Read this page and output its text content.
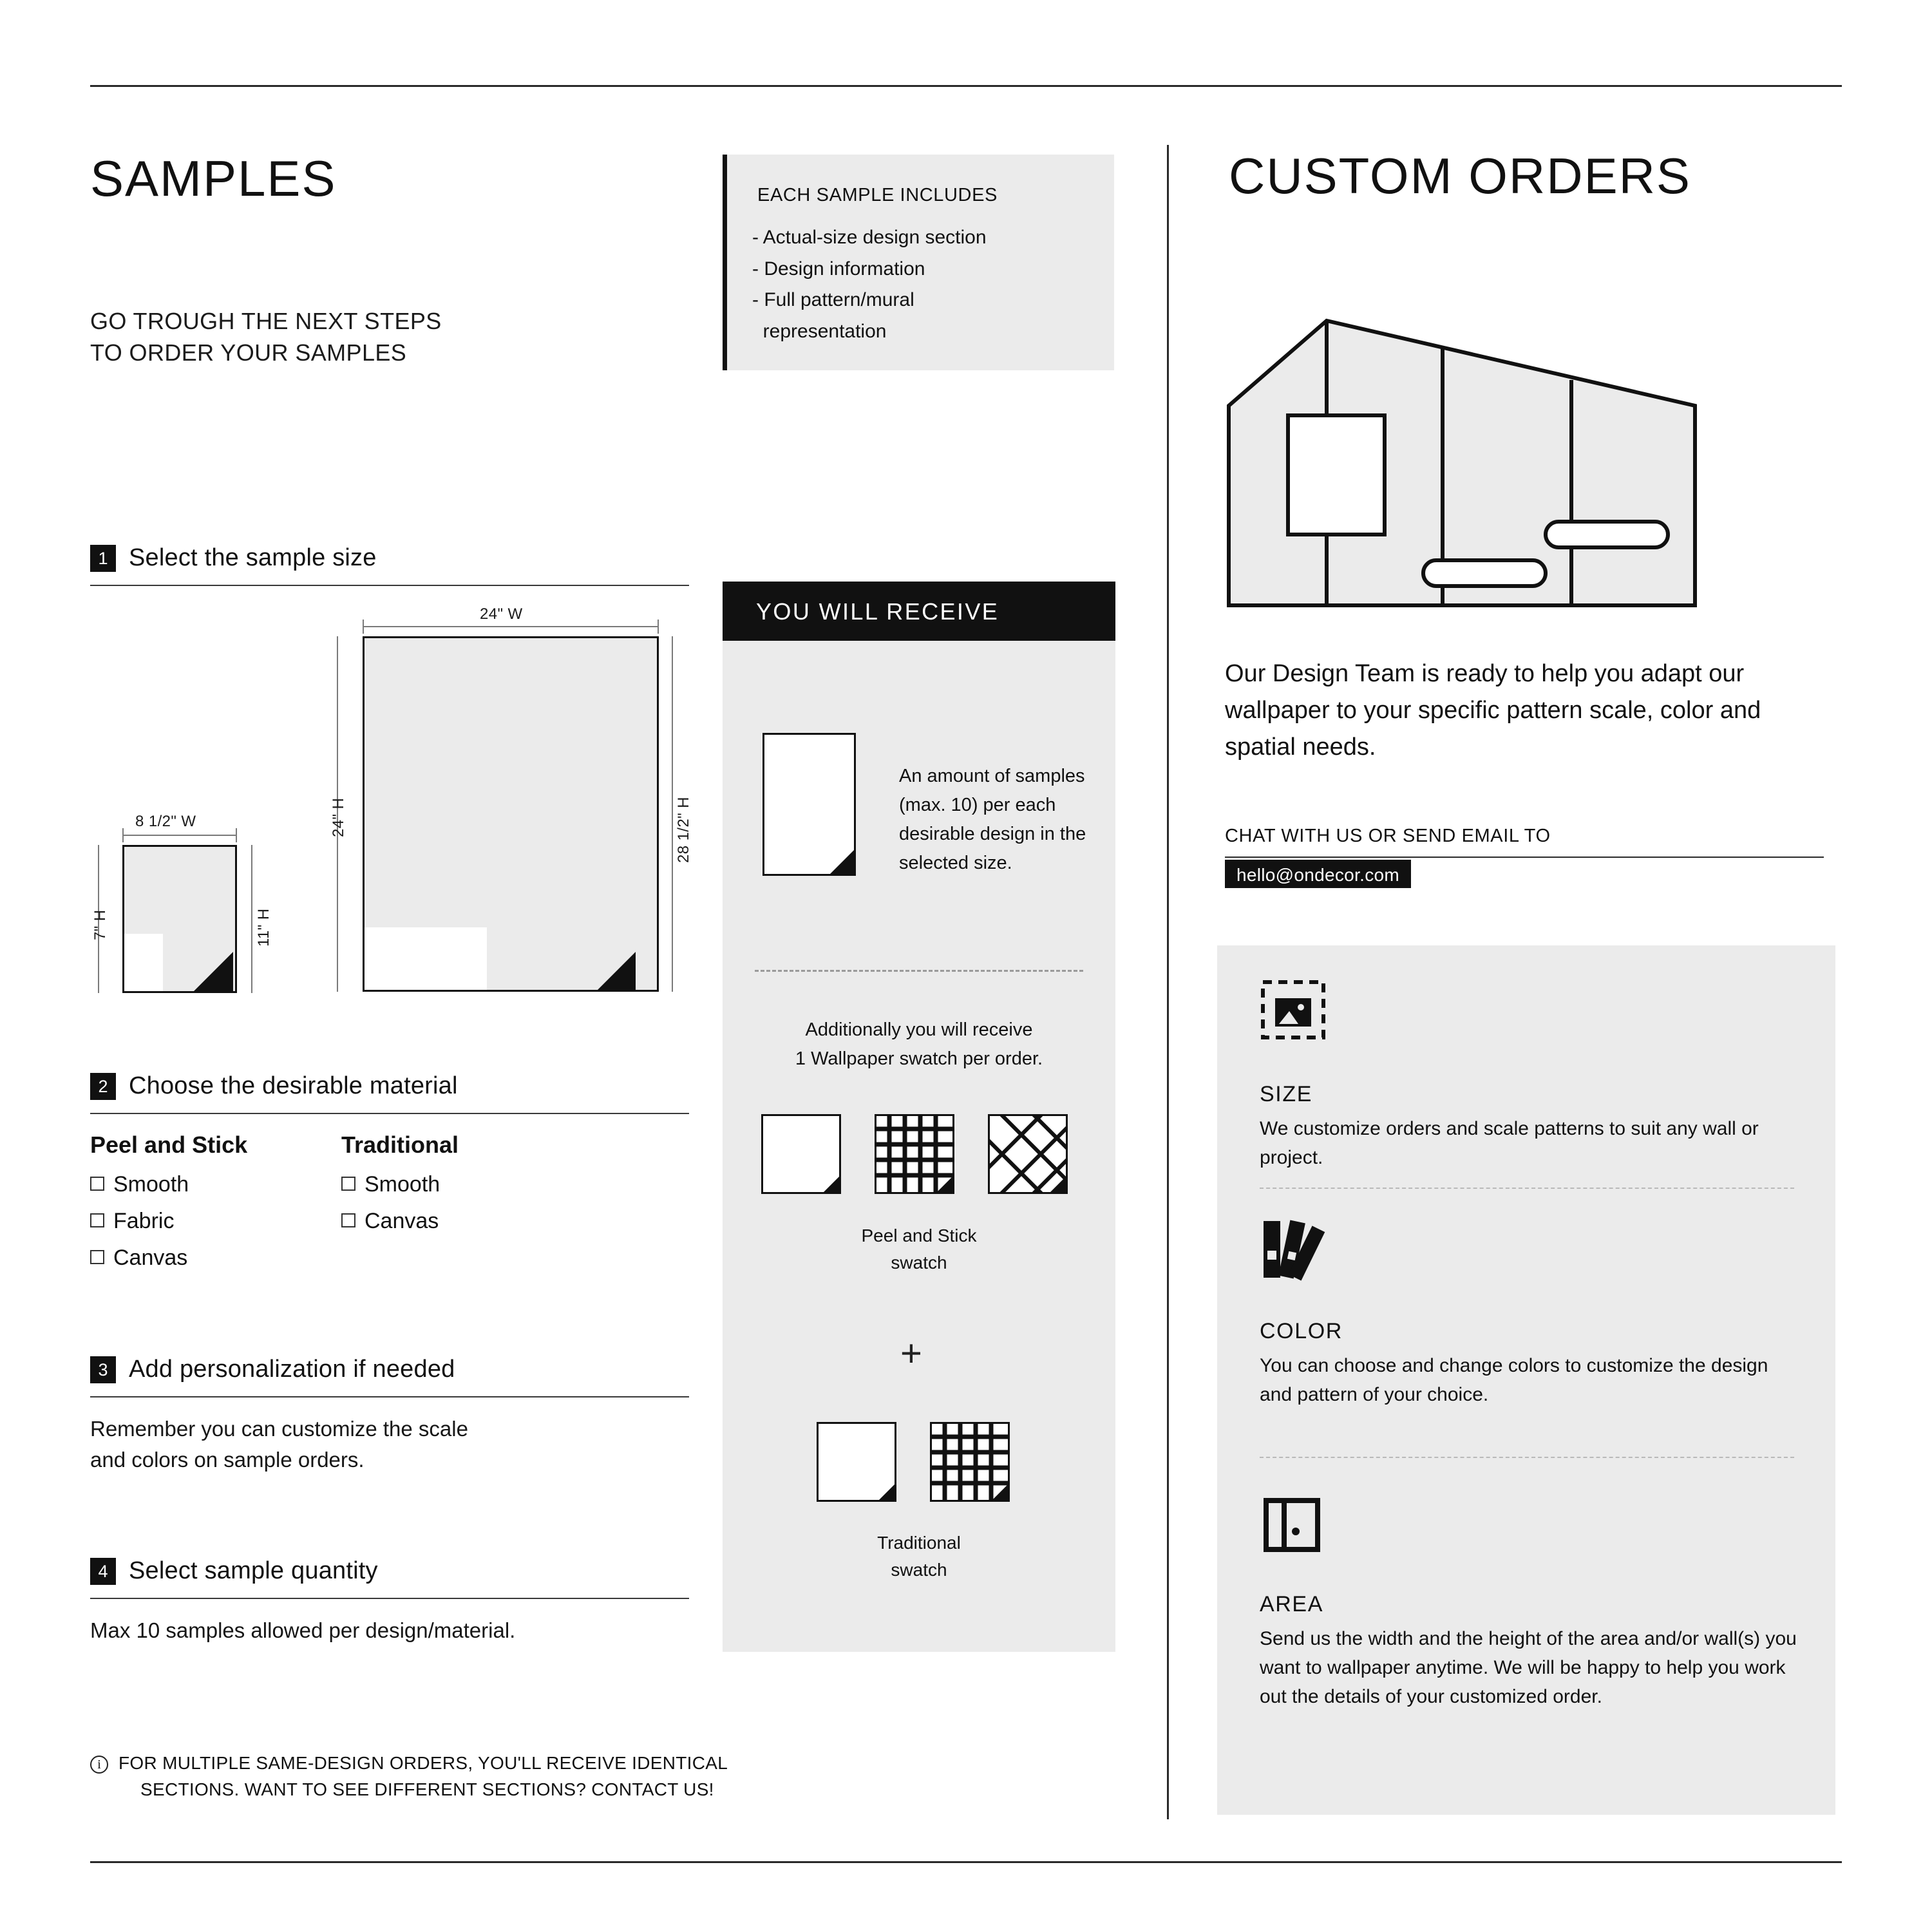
SAMPLES
GO TROUGH THE NEXT STEPS
TO ORDER YOUR SAMPLES
1 Select the sample size
24" W
24" H	28 1/2" H
8 1/2" W
7" H	11" H
2 Choose the desirable material
Peel and Stick
Smooth
Fabric
Canvas
Traditional
Smooth
Canvas
3 Add personalization if needed
Remember you can customize the scale
and colors on sample orders.
4 Select sample quantity
Max 10 samples allowed per design/material.
i FOR MULTIPLE SAME-DESIGN ORDERS, YOU'LL RECEIVE IDENTICAL
SECTIONS. WANT TO SEE DIFFERENT SECTIONS? CONTACT US!
EACH SAMPLE INCLUDES
- Actual-size design section
- Design information
- Full pattern/mural
representation
YOU WILL RECEIVE
An amount of samples (max. 10) per each desirable design in the selected size.
Additionally you will receive
1 Wallpaper swatch per order.
Peel and Stick
swatch
+
Traditional
swatch
CUSTOM ORDERS
Our Design Team is ready to help you adapt our wallpaper to your specific pattern scale, color and spatial needs.
CHAT WITH US OR SEND EMAIL TO
hello@ondecor.com
SIZE
We customize orders and scale patterns to suit any wall or project.
COLOR
You can choose and change colors to customize the design and pattern of your choice.
AREA
Send us the width and the height of the area and/or wall(s) you want to wallpaper anytime. We will be happy to help you work out the details of your customized order.
